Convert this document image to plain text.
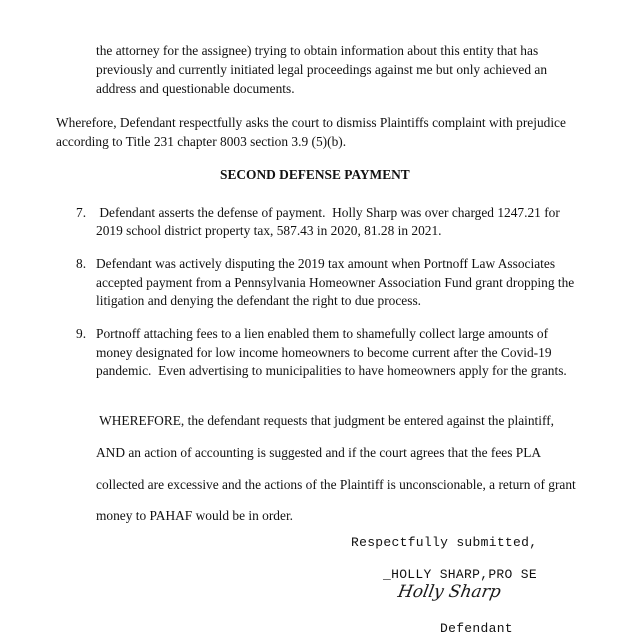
the attorney for the assignee) trying to obtain information about this entity that has
previously and currently initiated legal proceedings against me but only achieved an
address and questionable documents.
Wherefore, Defendant respectfully asks the court to dismiss Plaintiffs complaint with prejudice
according to Title 231 chapter 8003 section 3.9 (5)(b).
SECOND DEFENSE PAYMENT
7. Defendant asserts the defense of payment.  Holly Sharp was over charged 1247.21 for
2019 school district property tax, 587.43 in 2020, 81.28 in 2021.
8. Defendant was actively disputing the 2019 tax amount when Portnoff Law Associates
accepted payment from a Pennsylvania Homeowner Association Fund grant dropping the
litigation and denying the defendant the right to due process.
9. Portnoff attaching fees to a lien enabled them to shamefully collect large amounts of
money designated for low income homeowners to become current after the Covid-19
pandemic.  Even advertising to municipalities to have homeowners apply for the grants.
WHEREFORE, the defendant requests that judgment be entered against the plaintiff,
AND an action of accounting is suggested and if the court agrees that the fees PLA
collected are excessive and the actions of the Plaintiff is unconscionable, a return of grant
money to PAHAF would be in order.
Respectfully submitted,
_HOLLY SHARP,PRO SE
Holly Sharp
Defendant
